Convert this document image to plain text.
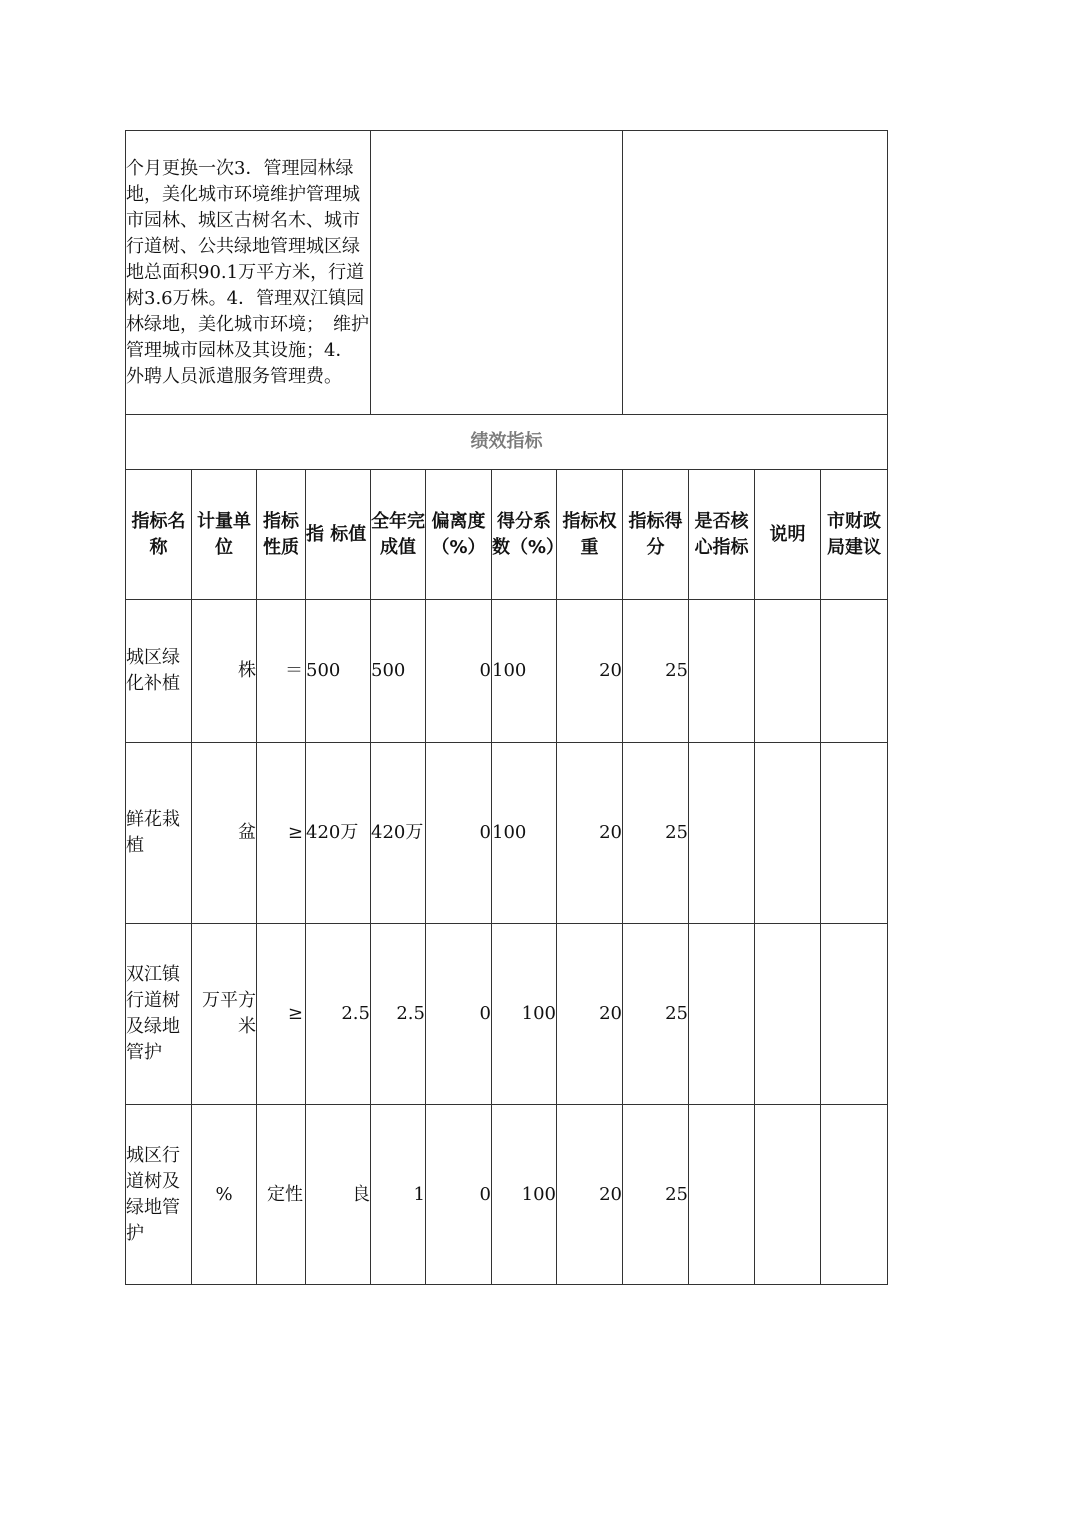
个月更换一次3．管理园林绿地，美化城市环境维护管理城市园林、城区古树名木、城市行道树、公共绿地管理城区绿地总面积90.1万平方米，行道树3.6万株。4．管理双江镇园林绿地，美化城市环境；　维护管理城市园林及其设施；4．外聘人员派遣服务管理费。											
绩效指标											
指标名称	计量单位	指标性质	指 标值	全年完成值	偏离度（%）	得分系数（%）	指标权重	指标得分	是否核心指标	说明	市财政局建议
城区绿化补植	株	＝	500	500	0	100	20	25			
鲜花栽植	盆	≥	420万	420万	0	100	20	25			
双江镇行道树及绿地管护	万平方米	≥	2.5	2.5	0	100	20	25			
城区行道树及绿地管护	%	定性	良	1	0	100	20	25			
